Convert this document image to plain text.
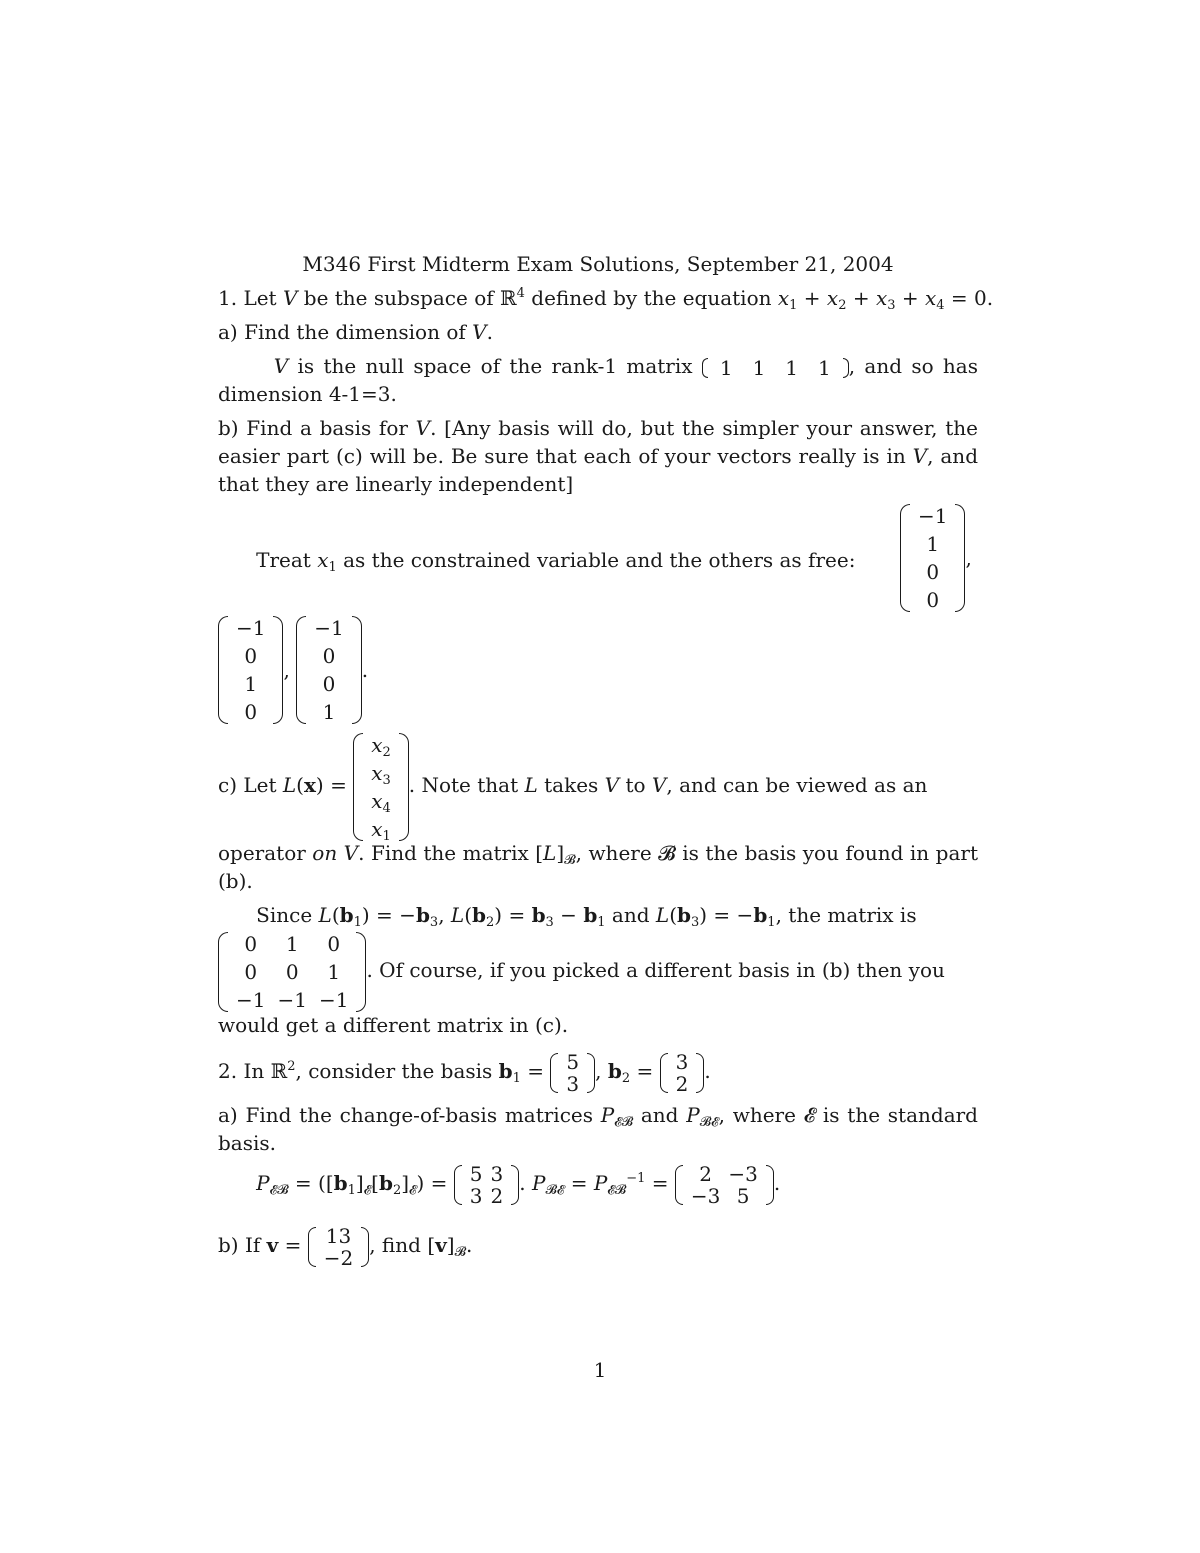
M346 First Midterm Exam Solutions, September 21, 2004
1. Let V be the subspace of ℝ$^4$ defined by the equation $x_1 + x_2 + x_3 + x_4 = 0$.
a) Find the dimension of V.
V is the null space of the rank-1 matrix 1	1	1	1 , and so has dimension 4-1=3.
b) Find a basis for V. [Any basis will do, but the simpler your answer, the easier part (c) will be. Be sure that each of your vectors really is in V, and that they are linearly independent]
Treat $x_1$ as the constrained variable and the others as free:
−1
1
0
0
,
−1
0
1
0
,
−1
0
0
1
.
c) Let L(x) =
$x_2$
$x_3$
$x_4$
$x_1$
. Note that L takes V to V, and can be viewed as an
operator on V. Find the matrix $[L]_𝓑$, where 𝓑 is the basis you found in part (b).
Since $L(b_1) = -b_3$, $L(b_2) = b_3 - b_1$ and $L(b_3) = -b_1$, the matrix is
0	1	0
0	0	1
−1	−1	−1
. Of course, if you picked a different basis in (b) then you
would get a different matrix in (c).
2. In ℝ$^2$, consider the basis $b_1 = 5$
3
, $b_2 = 3$
2
.
a) Find the change-of-basis matrices $P_{𝓔𝓑}$ and $P_{𝓑𝓔}$, where 𝓔 is the standard basis.
$P_{𝓔𝓑} = ([b_1]_𝓔[b_2]_𝓔) = 5$	3
3	2
. $P_{𝓑𝓔} = P_{𝓔𝓑}^{-1} = 2$	−3
−3	5
.
b) If v = 13
−2
, find $[v]_𝓑$.
1
